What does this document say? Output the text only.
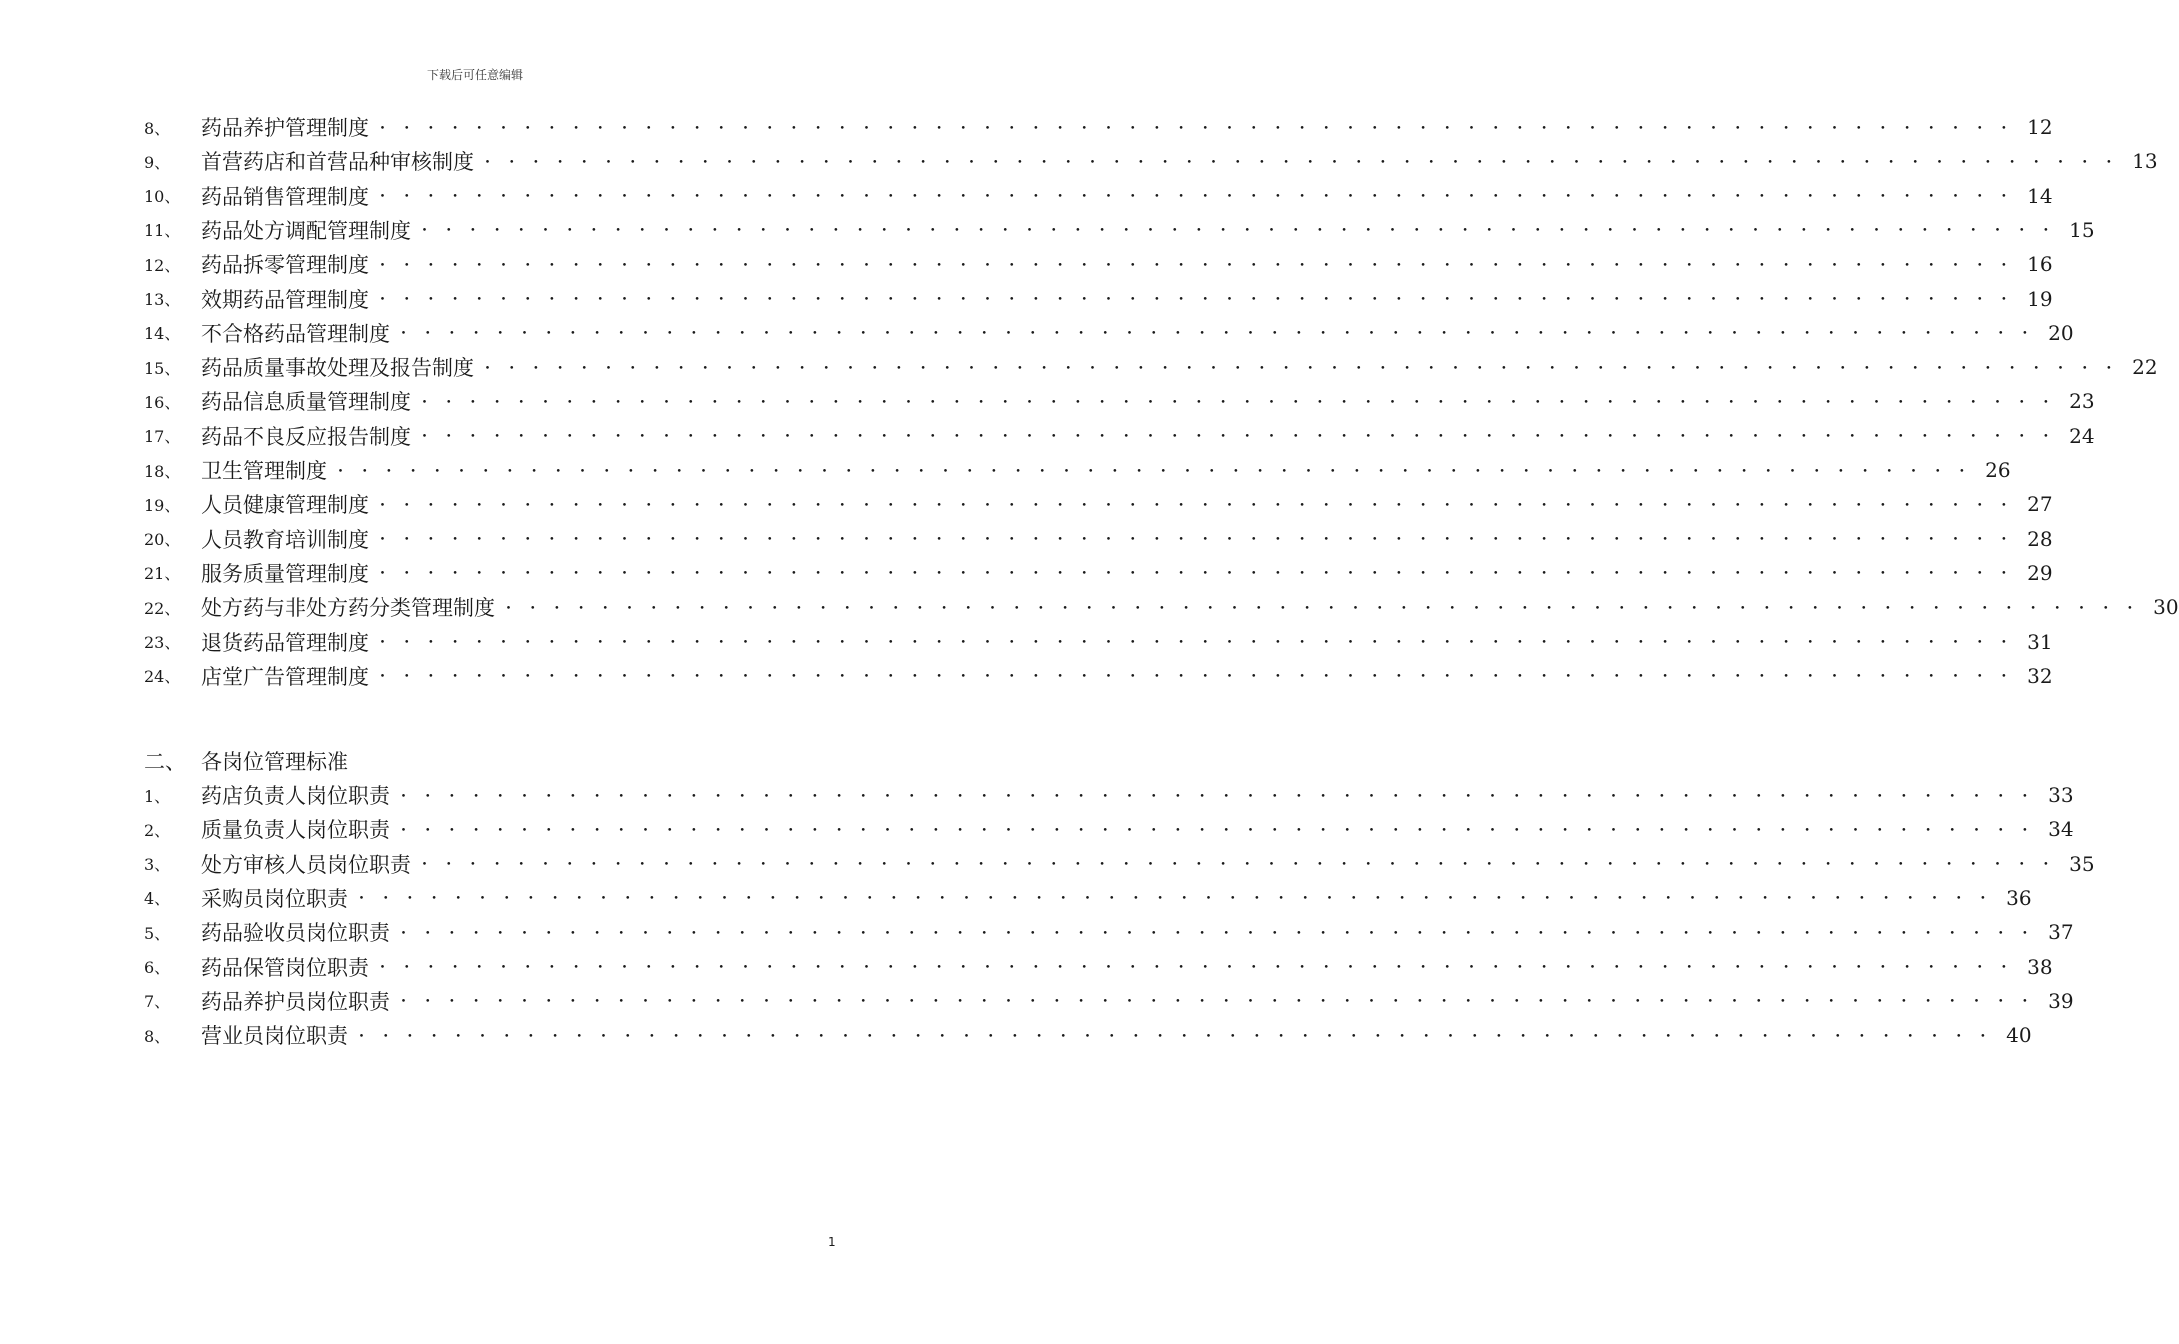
下载后可任意编辑
8、	药品养护管理制度 ・・・・・・・・・・・・・・・・・・・・・・・・・・・・・・・・・・・・・・・・・・・・・・・・・・・・・・・・・・・・・・・・・・・・ 12
9、	首营药店和首营品种审核制度 ・・・・・・・・・・・・・・・・・・・・・・・・・・・・・・・・・・・・・・・・・・・・・・・・・・・・・・・・・・・・・・・・・・・・ 13
10、 药品销售管理制度 ・・・・・・・・・・・・・・・・・・・・・・・・・・・・・・・・・・・・・・・・・・・・・・・・・・・・・・・・・・・・・・・・・・・・ 14
11、 药品处方调配管理制度 ・・・・・・・・・・・・・・・・・・・・・・・・・・・・・・・・・・・・・・・・・・・・・・・・・・・・・・・・・・・・・・・・・・・・ 15
12、 药品拆零管理制度 ・・・・・・・・・・・・・・・・・・・・・・・・・・・・・・・・・・・・・・・・・・・・・・・・・・・・・・・・・・・・・・・・・・・・ 16
13、 效期药品管理制度 ・・・・・・・・・・・・・・・・・・・・・・・・・・・・・・・・・・・・・・・・・・・・・・・・・・・・・・・・・・・・・・・・・・・・ 19
14、 不合格药品管理制度 ・・・・・・・・・・・・・・・・・・・・・・・・・・・・・・・・・・・・・・・・・・・・・・・・・・・・・・・・・・・・・・・・・・・・ 20
15、 药品质量事故处理及报告制度 ・・・・・・・・・・・・・・・・・・・・・・・・・・・・・・・・・・・・・・・・・・・・・・・・・・・・・・・・・・・・・・・・・・・・ 22
16、 药品信息质量管理制度 ・・・・・・・・・・・・・・・・・・・・・・・・・・・・・・・・・・・・・・・・・・・・・・・・・・・・・・・・・・・・・・・・・・・・ 23
17、 药品不良反应报告制度 ・・・・・・・・・・・・・・・・・・・・・・・・・・・・・・・・・・・・・・・・・・・・・・・・・・・・・・・・・・・・・・・・・・・・ 24
18、 卫生管理制度 ・・・・・・・・・・・・・・・・・・・・・・・・・・・・・・・・・・・・・・・・・・・・・・・・・・・・・・・・・・・・・・・・・・・・ 26
19、 人员健康管理制度 ・・・・・・・・・・・・・・・・・・・・・・・・・・・・・・・・・・・・・・・・・・・・・・・・・・・・・・・・・・・・・・・・・・・・ 27
20、 人员教育培训制度 ・・・・・・・・・・・・・・・・・・・・・・・・・・・・・・・・・・・・・・・・・・・・・・・・・・・・・・・・・・・・・・・・・・・・ 28
21、 服务质量管理制度 ・・・・・・・・・・・・・・・・・・・・・・・・・・・・・・・・・・・・・・・・・・・・・・・・・・・・・・・・・・・・・・・・・・・・ 29
22、 处方药与非处方药分类管理制度 ・・・・・・・・・・・・・・・・・・・・・・・・・・・・・・・・・・・・・・・・・・・・・・・・・・・・・・・・・・・・・・・・・・・・ 30
23、 退货药品管理制度 ・・・・・・・・・・・・・・・・・・・・・・・・・・・・・・・・・・・・・・・・・・・・・・・・・・・・・・・・・・・・・・・・・・・・ 31
24、 店堂广告管理制度 ・・・・・・・・・・・・・・・・・・・・・・・・・・・・・・・・・・・・・・・・・・・・・・・・・・・・・・・・・・・・・・・・・・・・ 32
二、 各岗位管理标准
1、	药店负责人岗位职责 ・・・・・・・・・・・・・・・・・・・・・・・・・・・・・・・・・・・・・・・・・・・・・・・・・・・・・・・・・・・・・・・・・・・・ 33
2、	质量负责人岗位职责 ・・・・・・・・・・・・・・・・・・・・・・・・・・・・・・・・・・・・・・・・・・・・・・・・・・・・・・・・・・・・・・・・・・・・ 34
3、	处方审核人员岗位职责 ・・・・・・・・・・・・・・・・・・・・・・・・・・・・・・・・・・・・・・・・・・・・・・・・・・・・・・・・・・・・・・・・・・・・ 35
4、	采购员岗位职责 ・・・・・・・・・・・・・・・・・・・・・・・・・・・・・・・・・・・・・・・・・・・・・・・・・・・・・・・・・・・・・・・・・・・・ 36
5、	药品验收员岗位职责 ・・・・・・・・・・・・・・・・・・・・・・・・・・・・・・・・・・・・・・・・・・・・・・・・・・・・・・・・・・・・・・・・・・・・ 37
6、	药品保管岗位职责 ・・・・・・・・・・・・・・・・・・・・・・・・・・・・・・・・・・・・・・・・・・・・・・・・・・・・・・・・・・・・・・・・・・・・ 38
7、	药品养护员岗位职责 ・・・・・・・・・・・・・・・・・・・・・・・・・・・・・・・・・・・・・・・・・・・・・・・・・・・・・・・・・・・・・・・・・・・・ 39
8、	营业员岗位职责 ・・・・・・・・・・・・・・・・・・・・・・・・・・・・・・・・・・・・・・・・・・・・・・・・・・・・・・・・・・・・・・・・・・・・ 40
1
